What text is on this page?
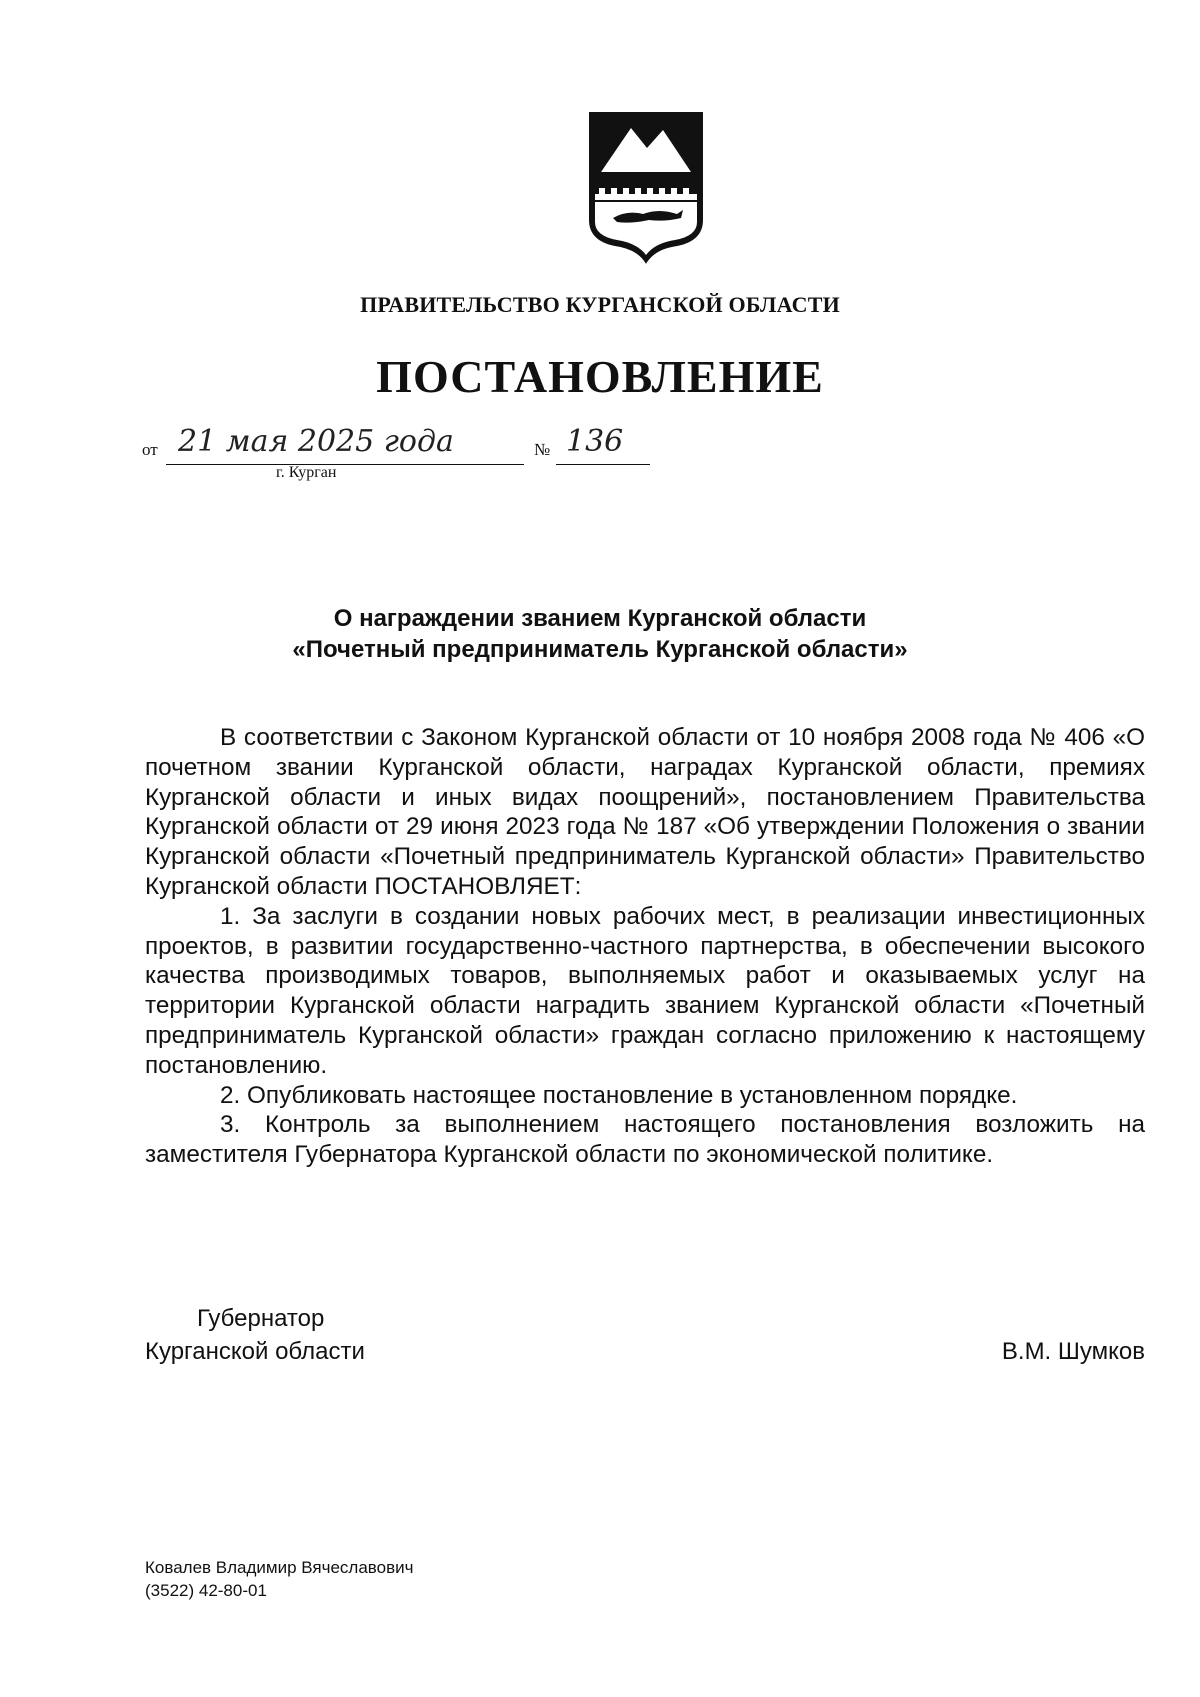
ПРАВИТЕЛЬСТВО КУРГАНСКОЙ ОБЛАСТИ
ПОСТАНОВЛЕНИЕ
от 21 мая 2025 года	№ 136
г. Курган
О награждении званием Курганской области
«Почетный предприниматель Курганской области»

В соответствии с Законом Курганской области от 10 ноября 2008 года № 406 «О почетном звании Курганской области, наградах Курганской области, премиях Курганской области и иных видах поощрений», постановлением Правительства Курганской области от 29 июня 2023 года № 187 «Об утверждении Положения о звании Курганской области «Почетный предприниматель Курганской области» Правительство Курганской области ПОСТАНОВЛЯЕТ:

1. За заслуги в создании новых рабочих мест, в реализации инвестиционных проектов, в развитии государственно-частного партнерства, в обеспечении высокого качества производимых товаров, выполняемых работ и оказываемых услуг на территории Курганской области наградить званием Курганской области «Почетный предприниматель Курганской области» граждан согласно приложению к настоящему постановлению.

2. Опубликовать настоящее постановление в установленном порядке.

3. Контроль за выполнением настоящего постановления возложить на заместителя Губернатора Курганской области по экономической политике.

Губернатор
Курганской области	В.М. Шумков
Ковалев Владимир Вячеславович
(3522) 42-80-01
